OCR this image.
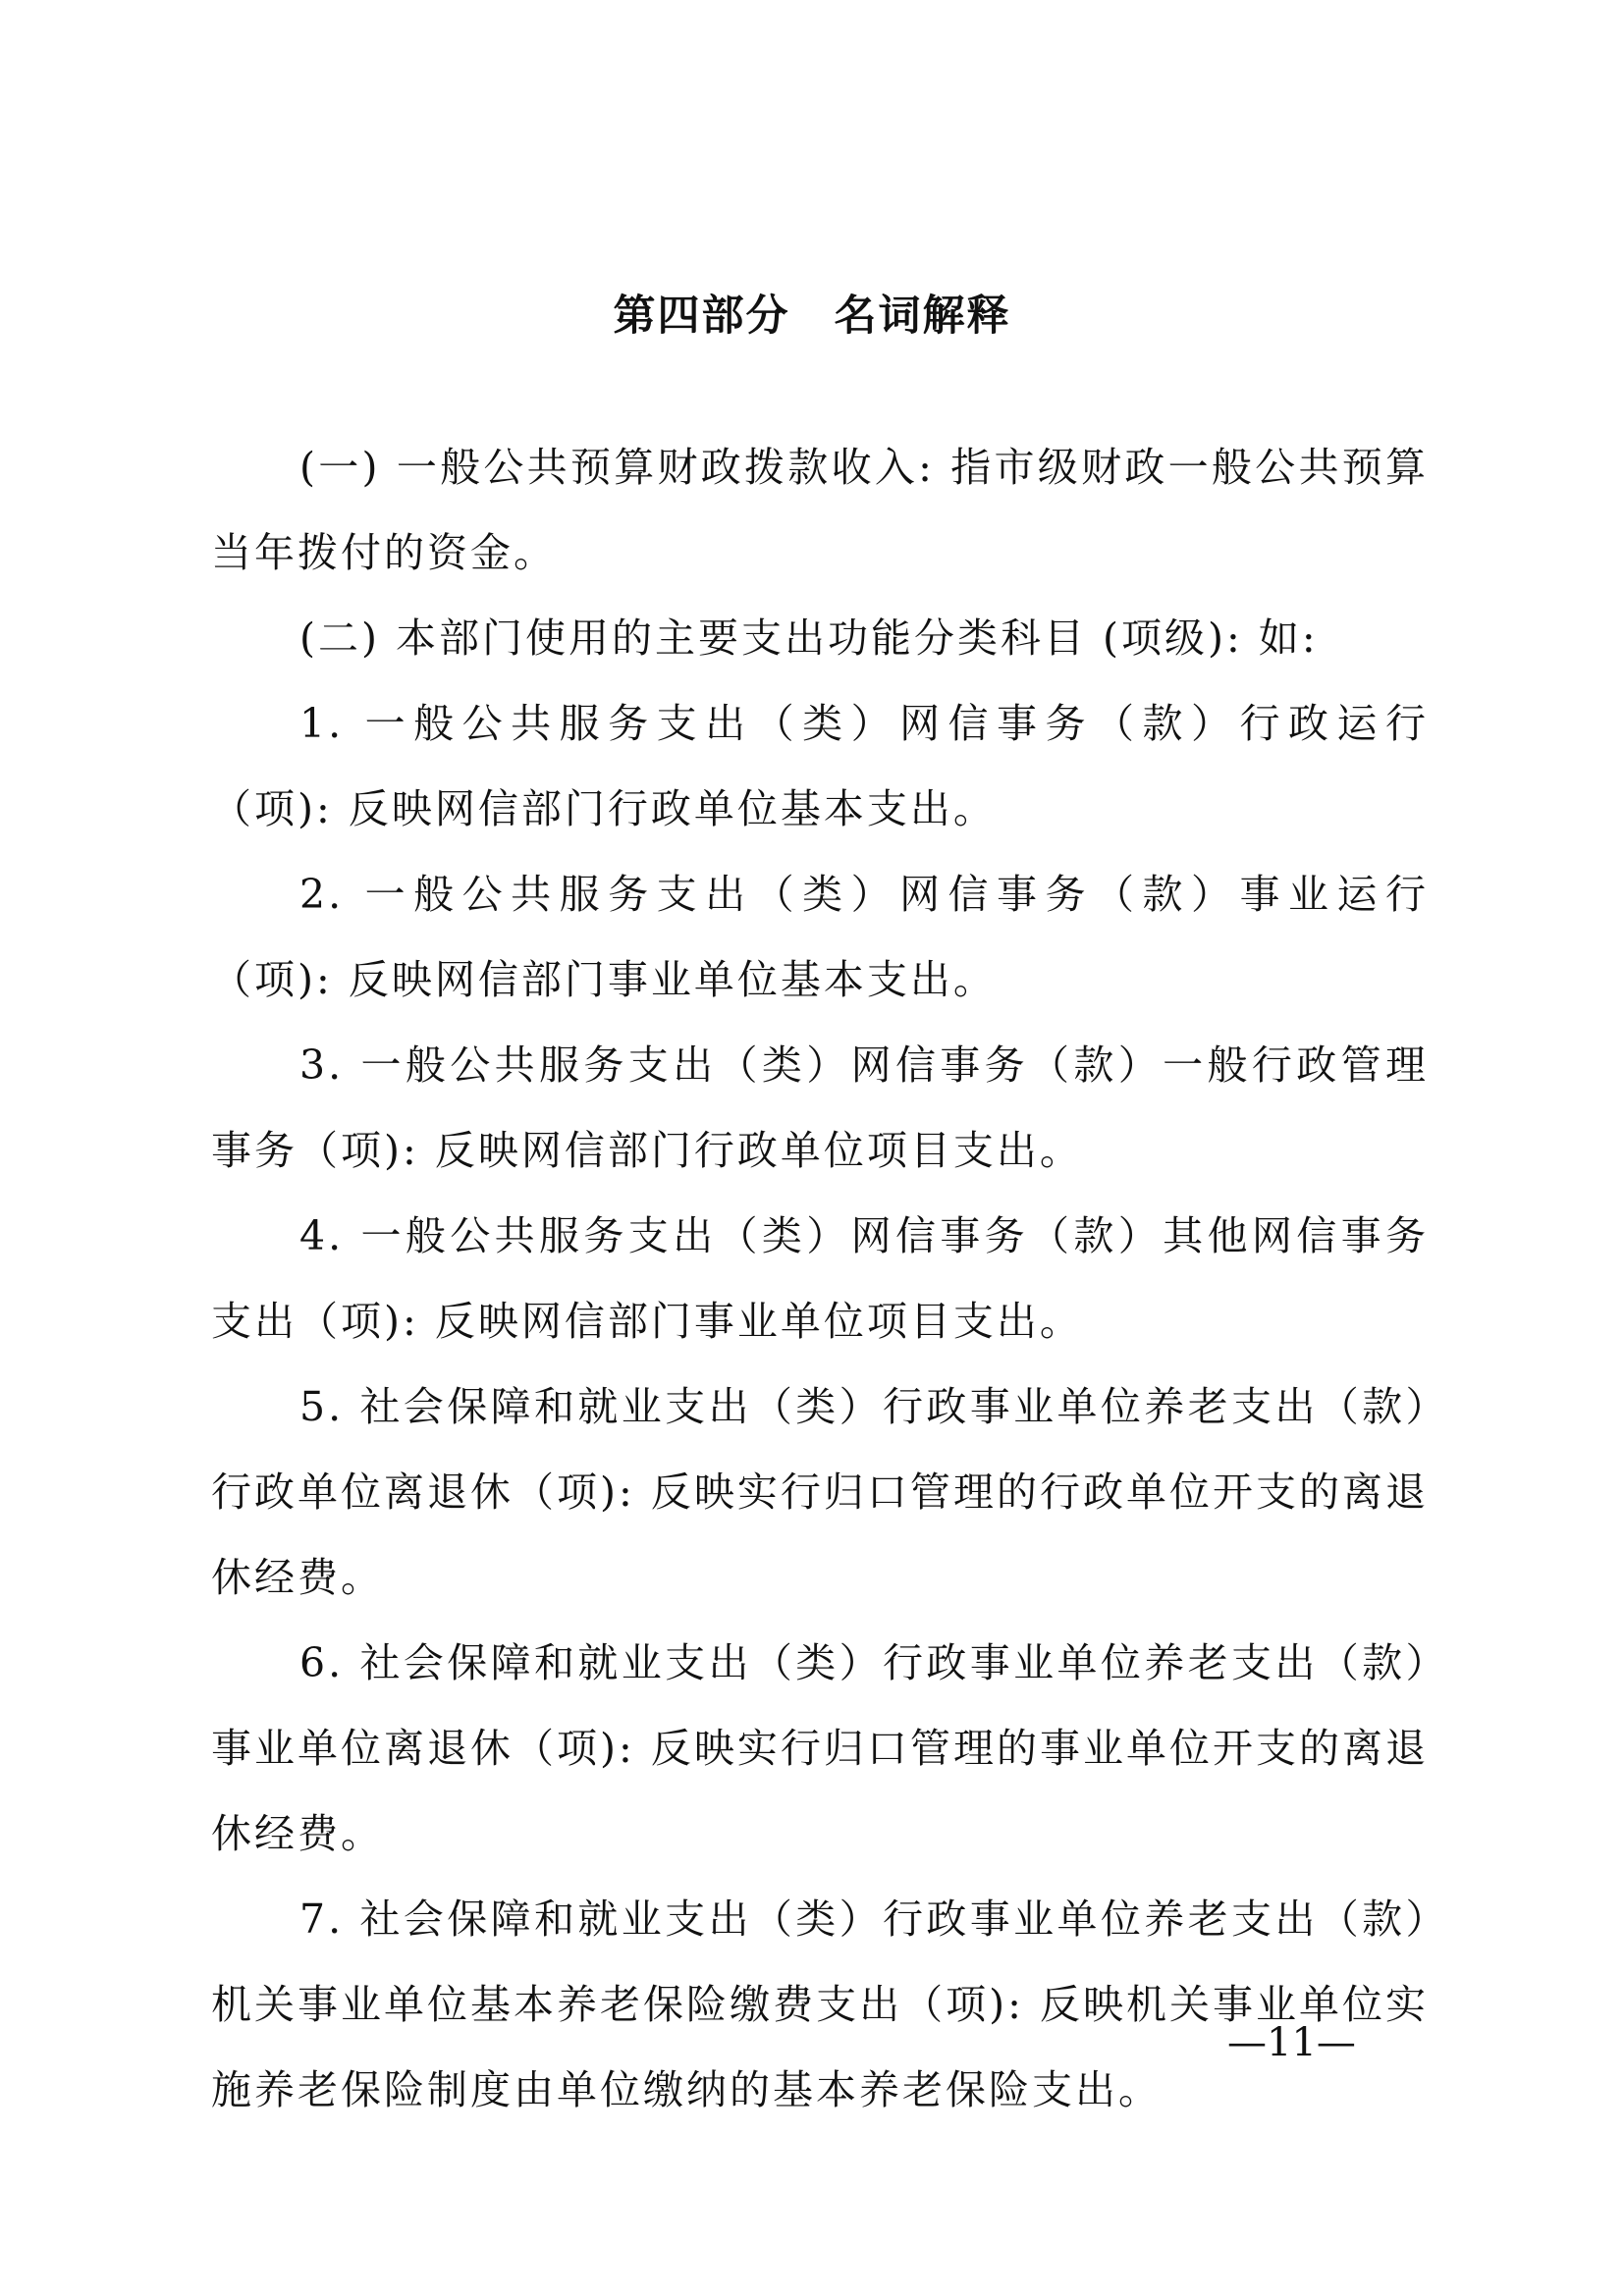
第四部分　名词解释

(一) 一般公共预算财政拨款收入: 指市级财政一般公共预算当年拨付的资金。

(二) 本部门使用的主要支出功能分类科目 (项级): 如:

1. 一般公共服务支出（类）网信事务（款）行政运行（项): 反映网信部门行政单位基本支出。

2. 一般公共服务支出（类）网信事务（款）事业运行（项): 反映网信部门事业单位基本支出。

3. 一般公共服务支出（类）网信事务（款）一般行政管理事务（项): 反映网信部门行政单位项目支出。

4. 一般公共服务支出（类）网信事务（款）其他网信事务支出（项): 反映网信部门事业单位项目支出。

5. 社会保障和就业支出（类）行政事业单位养老支出（款）行政单位离退休（项): 反映实行归口管理的行政单位开支的离退休经费。

6. 社会保障和就业支出（类）行政事业单位养老支出（款）事业单位离退休（项): 反映实行归口管理的事业单位开支的离退休经费。

7. 社会保障和就业支出（类）行政事业单位养老支出（款）机关事业单位基本养老保险缴费支出（项): 反映机关事业单位实施养老保险制度由单位缴纳的基本养老保险支出。

—11—
